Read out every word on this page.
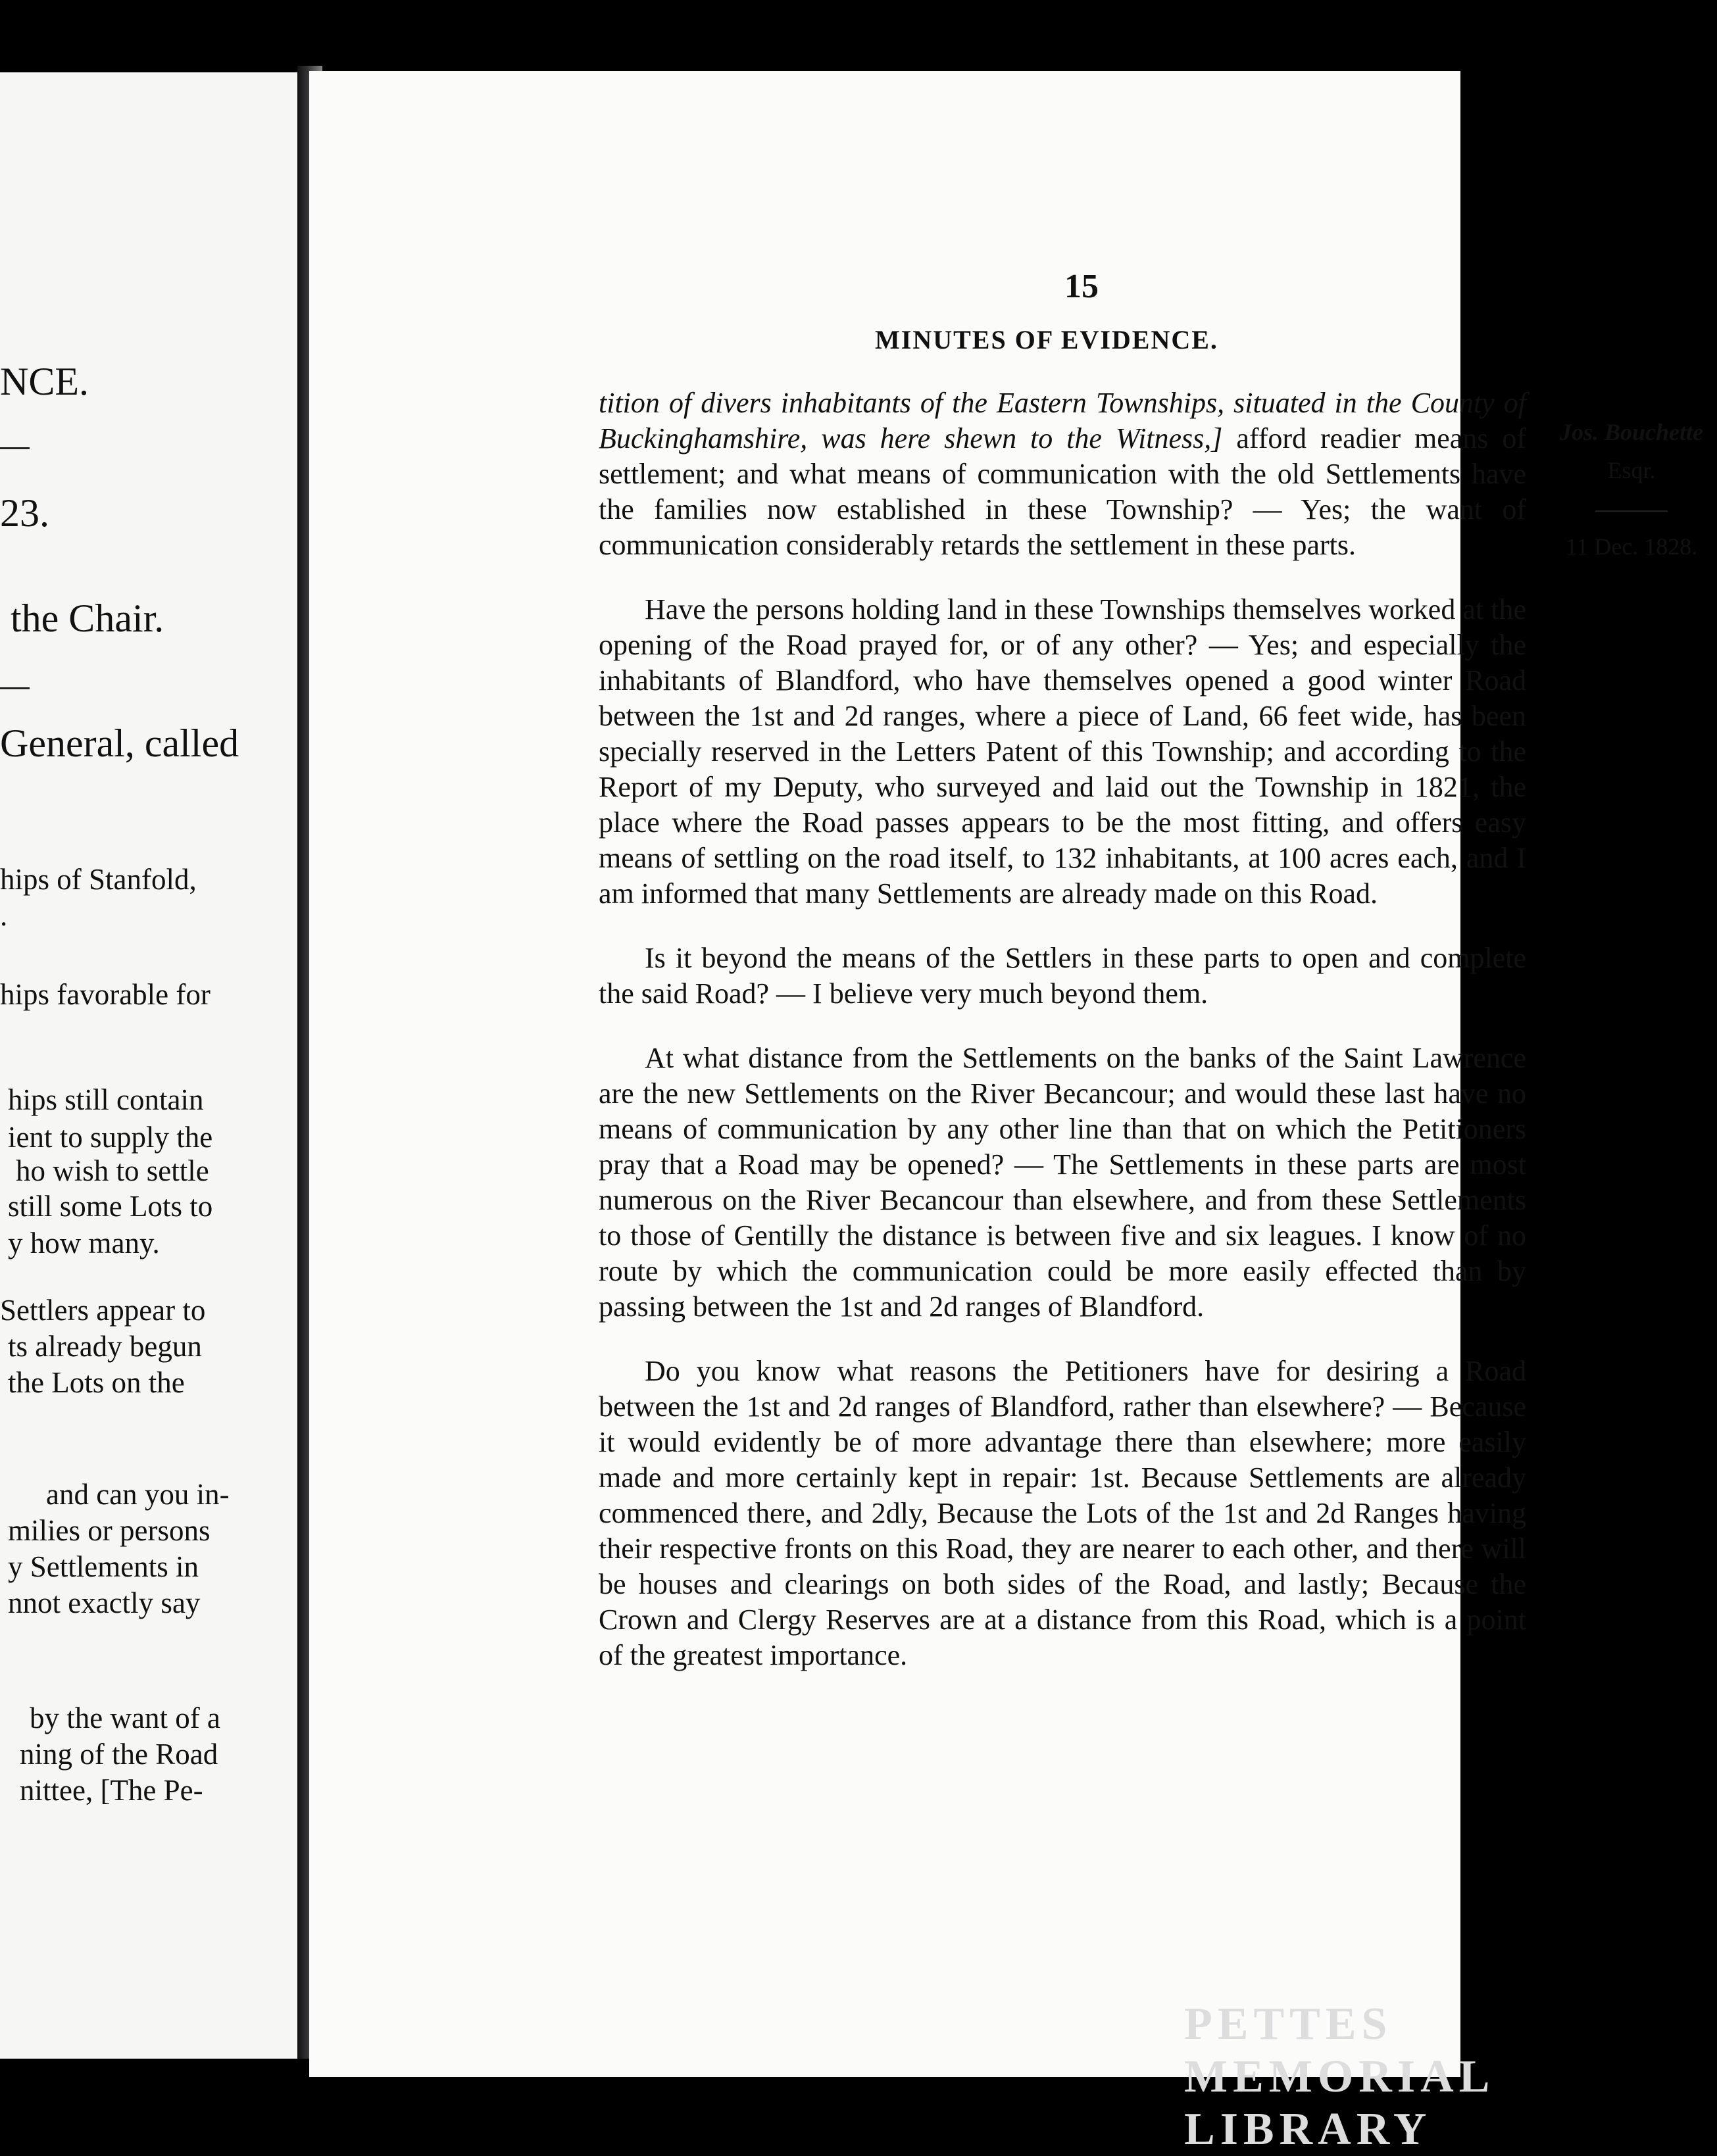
NCE.
23.
the Chair.
General, called
hips of Stanfold,
.
hips favorable for
hips still contain
ient to supply the
ho wish to settle
still some Lots to
y how many.
Settlers appear to
ts already begun
the Lots on the
and can you in-
milies or persons
y Settlements in
nnot exactly say
by the want of a
ning of the Road
nittee, [The Pe-
15
MINUTES OF EVIDENCE.

tition of divers inhabitants of the Eastern Townships, situated in the County of Buckinghamshire, was here shewn to the Witness,] afford readier means of settlement; and what means of communication with the old Settlements have the families now established in these Township? — Yes; the want of communication considerably retards the settlement in these parts.

Have the persons holding land in these Townships themselves worked at the opening of the Road prayed for, or of any other? — Yes; and especially the inhabitants of Blandford, who have themselves opened a good winter Road between the 1st and 2d ranges, where a piece of Land, 66 feet wide, has been specially reserved in the Letters Patent of this Township; and according to the Report of my Deputy, who surveyed and laid out the Township in 1821, the place where the Road passes appears to be the most fitting, and offers easy means of settling on the road itself, to 132 inhabitants, at 100 acres each, and I am informed that many Settlements are already made on this Road.

Is it beyond the means of the Settlers in these parts to open and complete the said Road? — I believe very much beyond them.

At what distance from the Settlements on the banks of the Saint Lawrence are the new Settlements on the River Becancour; and would these last have no means of communication by any other line than that on which the Petitioners pray that a Road may be opened? — The Settlements in these parts are most numerous on the River Becancour than elsewhere, and from these Settlements to those of Gentilly the distance is between five and six leagues. I know of no route by which the communication could be more easily effected than by passing between the 1st and 2d ranges of Blandford.

Do you know what reasons the Petitioners have for desiring a Road between the 1st and 2d ranges of Blandford, rather than elsewhere? — Because it would evidently be of more advantage there than elsewhere; more easily made and more certainly kept in repair: 1st. Because Settlements are already commenced there, and 2dly, Because the Lots of the 1st and 2d Ranges having their respective fronts on this Road, they are nearer to each other, and there will be houses and clearings on both sides of the Road, and lastly; Because the Crown and Clergy Reserves are at a distance from this Road, which is a point of the greatest importance.

Jos. Bouchette
Esqr.
11 Dec. 1828.
PETTES MEMORIAL LIBRARY
